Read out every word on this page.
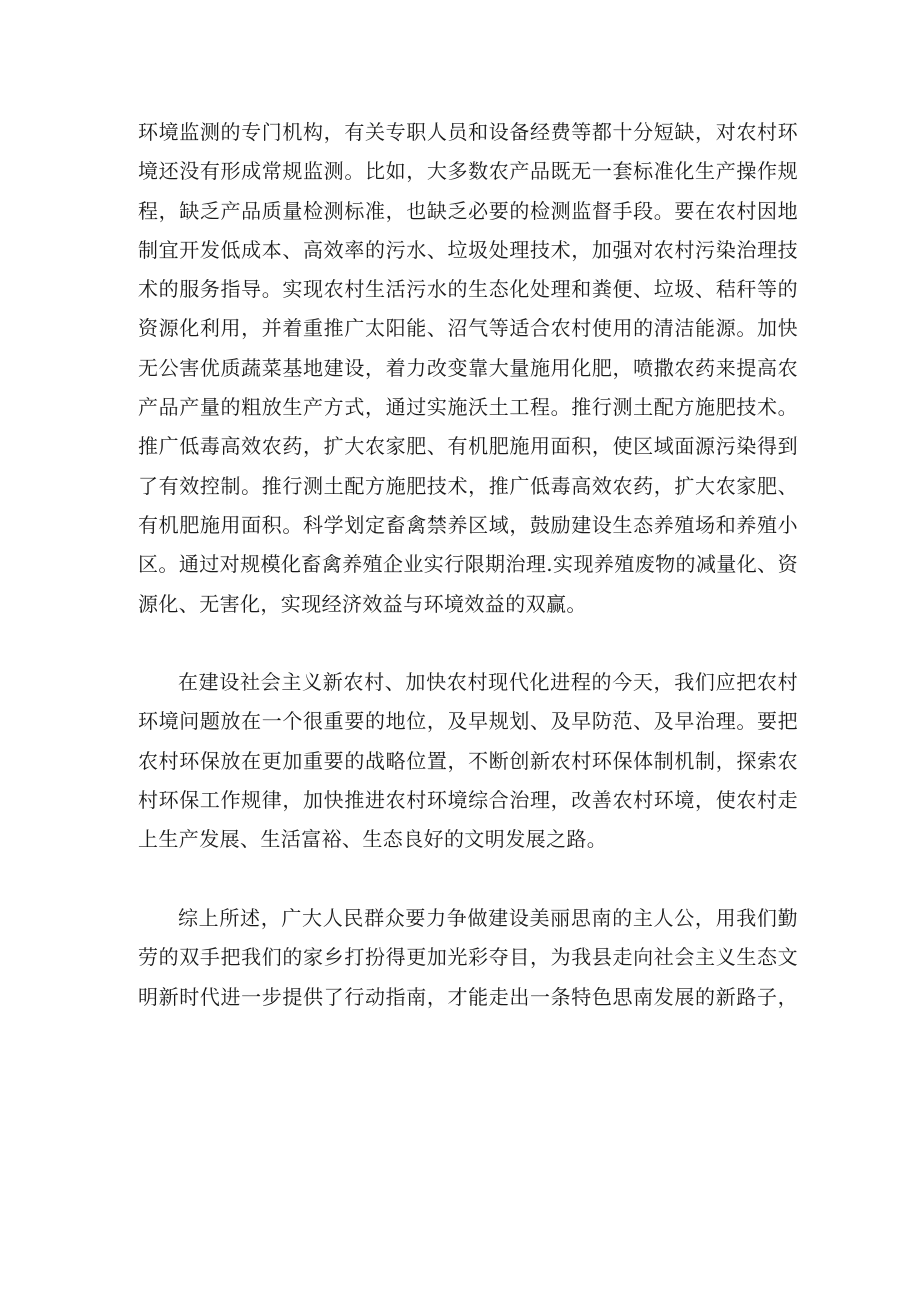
环境监测的专门机构，有关专职人员和设备经费等都十分短缺，对农村环
境还没有形成常规监测。比如，大多数农产品既无一套标准化生产操作规
程，缺乏产品质量检测标准，也缺乏必要的检测监督手段。要在农村因地
制宜开发低成本、高效率的污水、垃圾处理技术，加强对农村污染治理技
术的服务指导。实现农村生活污水的生态化处理和粪便、垃圾、秸秆等的
资源化利用，并着重推广太阳能、沼气等适合农村使用的清洁能源。加快
无公害优质蔬菜基地建设，着力改变靠大量施用化肥，喷撒农药来提高农
产品产量的粗放生产方式，通过实施沃土工程。推行测土配方施肥技术。
推广低毒高效农药，扩大农家肥、有机肥施用面积，使区域面源污染得到
了有效控制。推行测土配方施肥技术，推广低毒高效农药，扩大农家肥、
有机肥施用面积。科学划定畜禽禁养区域，鼓励建设生态养殖场和养殖小
区。通过对规模化畜禽养殖企业实行限期治理.实现养殖废物的减量化、资
源化、无害化，实现经济效益与环境效益的双赢。
在建设社会主义新农村、加快农村现代化进程的今天，我们应把农村
环境问题放在一个很重要的地位，及早规划、及早防范、及早治理。要把
农村环保放在更加重要的战略位置，不断创新农村环保体制机制，探索农
村环保工作规律，加快推进农村环境综合治理，改善农村环境，使农村走
上生产发展、生活富裕、生态良好的文明发展之路。
综上所述，广大人民群众要力争做建设美丽思南的主人公，用我们勤
劳的双手把我们的家乡打扮得更加光彩夺目，为我县走向社会主义生态文
明新时代进一步提供了行动指南，才能走出一条特色思南发展的新路子，
